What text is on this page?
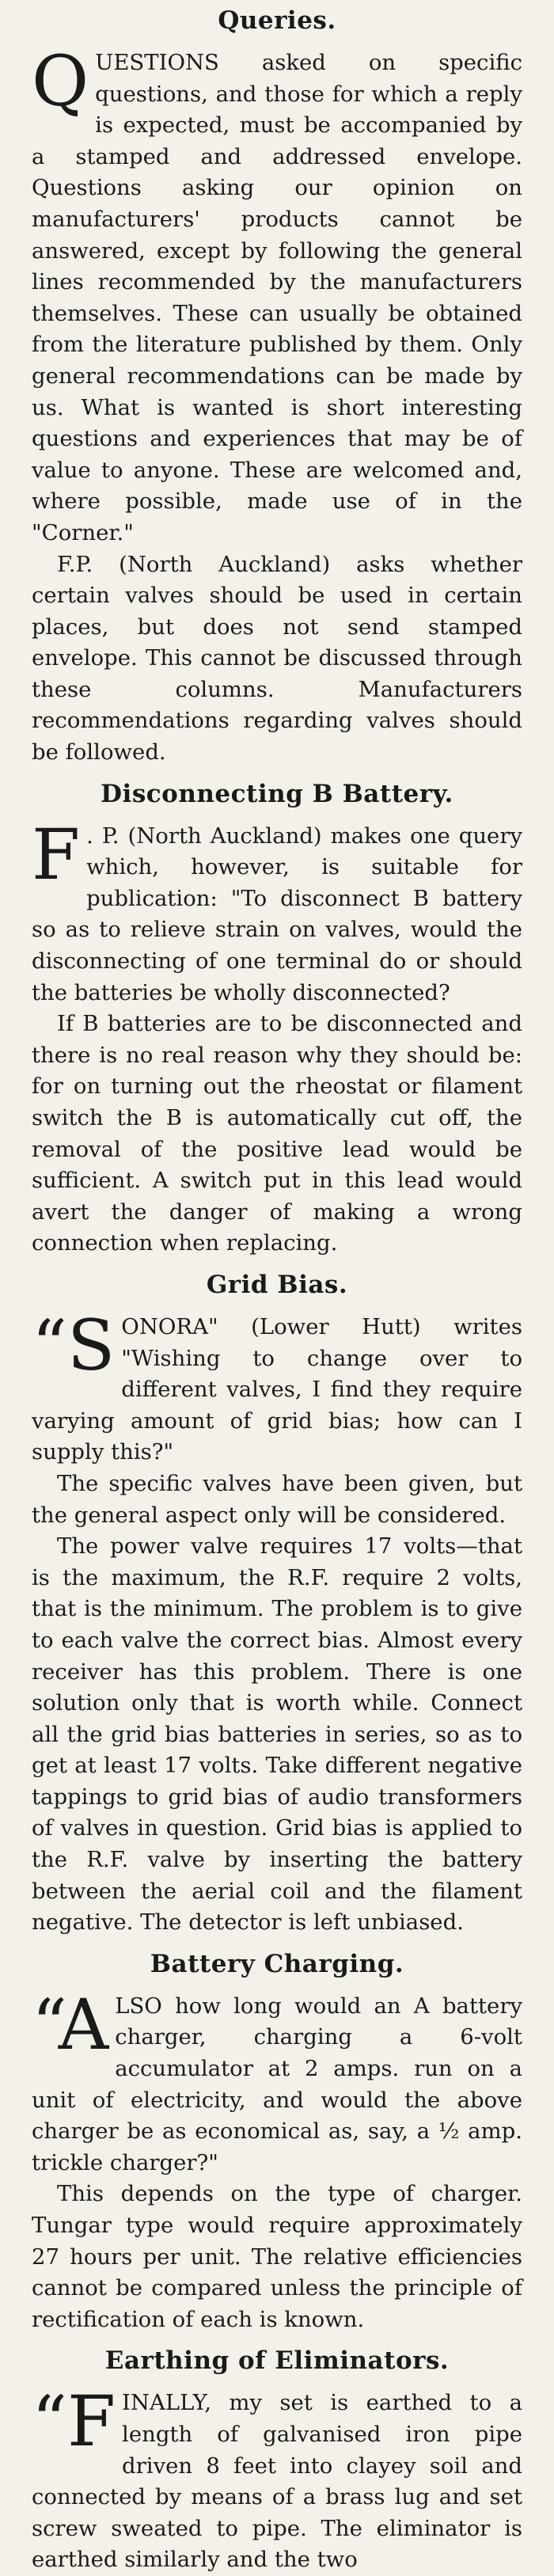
Queries.

QUESTIONS asked on specific questions, and those for which a reply is expected, must be accompanied by a stamped and addressed envelope. Questions asking our opinion on manufacturers' products cannot be answered, except by following the general lines recommended by the manufacturers themselves. These can usually be obtained from the literature published by them. Only general recommendations can be made by us. What is wanted is short interesting questions and experiences that may be of value to anyone. These are welcomed and, where possible, made use of in the "Corner."

F.P. (North Auckland) asks whether certain valves should be used in certain places, but does not send stamped envelope. This cannot be discussed through these columns. Manufacturers recommendations regarding valves should be followed.

Disconnecting B Battery.

F . P. (North Auckland) makes one query which, however, is suitable for publication: "To disconnect B battery so as to relieve strain on valves, would the disconnecting of one terminal do or should the batteries be wholly disconnected?

If B batteries are to be disconnected and there is no real reason why they should be: for on turning out the rheostat or filament switch the B is automatically cut off, the removal of the positive lead would be sufficient. A switch put in this lead would avert the danger of making a wrong connection when replacing.

Grid Bias.

“SONORA" (Lower Hutt) writes "Wishing to change over to different valves, I find they require varying amount of grid bias; how can I supply this?"

The specific valves have been given, but the general aspect only will be considered.

The power valve requires 17 volts—that is the maximum, the R.F. require 2 volts, that is the minimum. The problem is to give to each valve the correct bias. Almost every receiver has this problem. There is one solution only that is worth while. Connect all the grid bias batteries in series, so as to get at least 17 volts. Take different negative tappings to grid bias of audio transformers of valves in question. Grid bias is applied to the R.F. valve by inserting the battery between the aerial coil and the filament negative. The detector is left unbiased.

Battery Charging.

“ALSO how long would an A battery charger, charging a 6-volt accumulator at 2 amps. run on a unit of electricity, and would the above charger be as economical as, say, a ½ amp. trickle charger?"

This depends on the type of charger. Tungar type would require approximately 27 hours per unit. The relative efficiencies cannot be compared unless the principle of rectification of each is known.

Earthing of Eliminators.

“FINALLY, my set is earthed to a length of galvanised iron pipe driven 8 feet into clayey soil and connected by means of a brass lug and set screw sweated to pipe. The eliminator is earthed similarly and the two
